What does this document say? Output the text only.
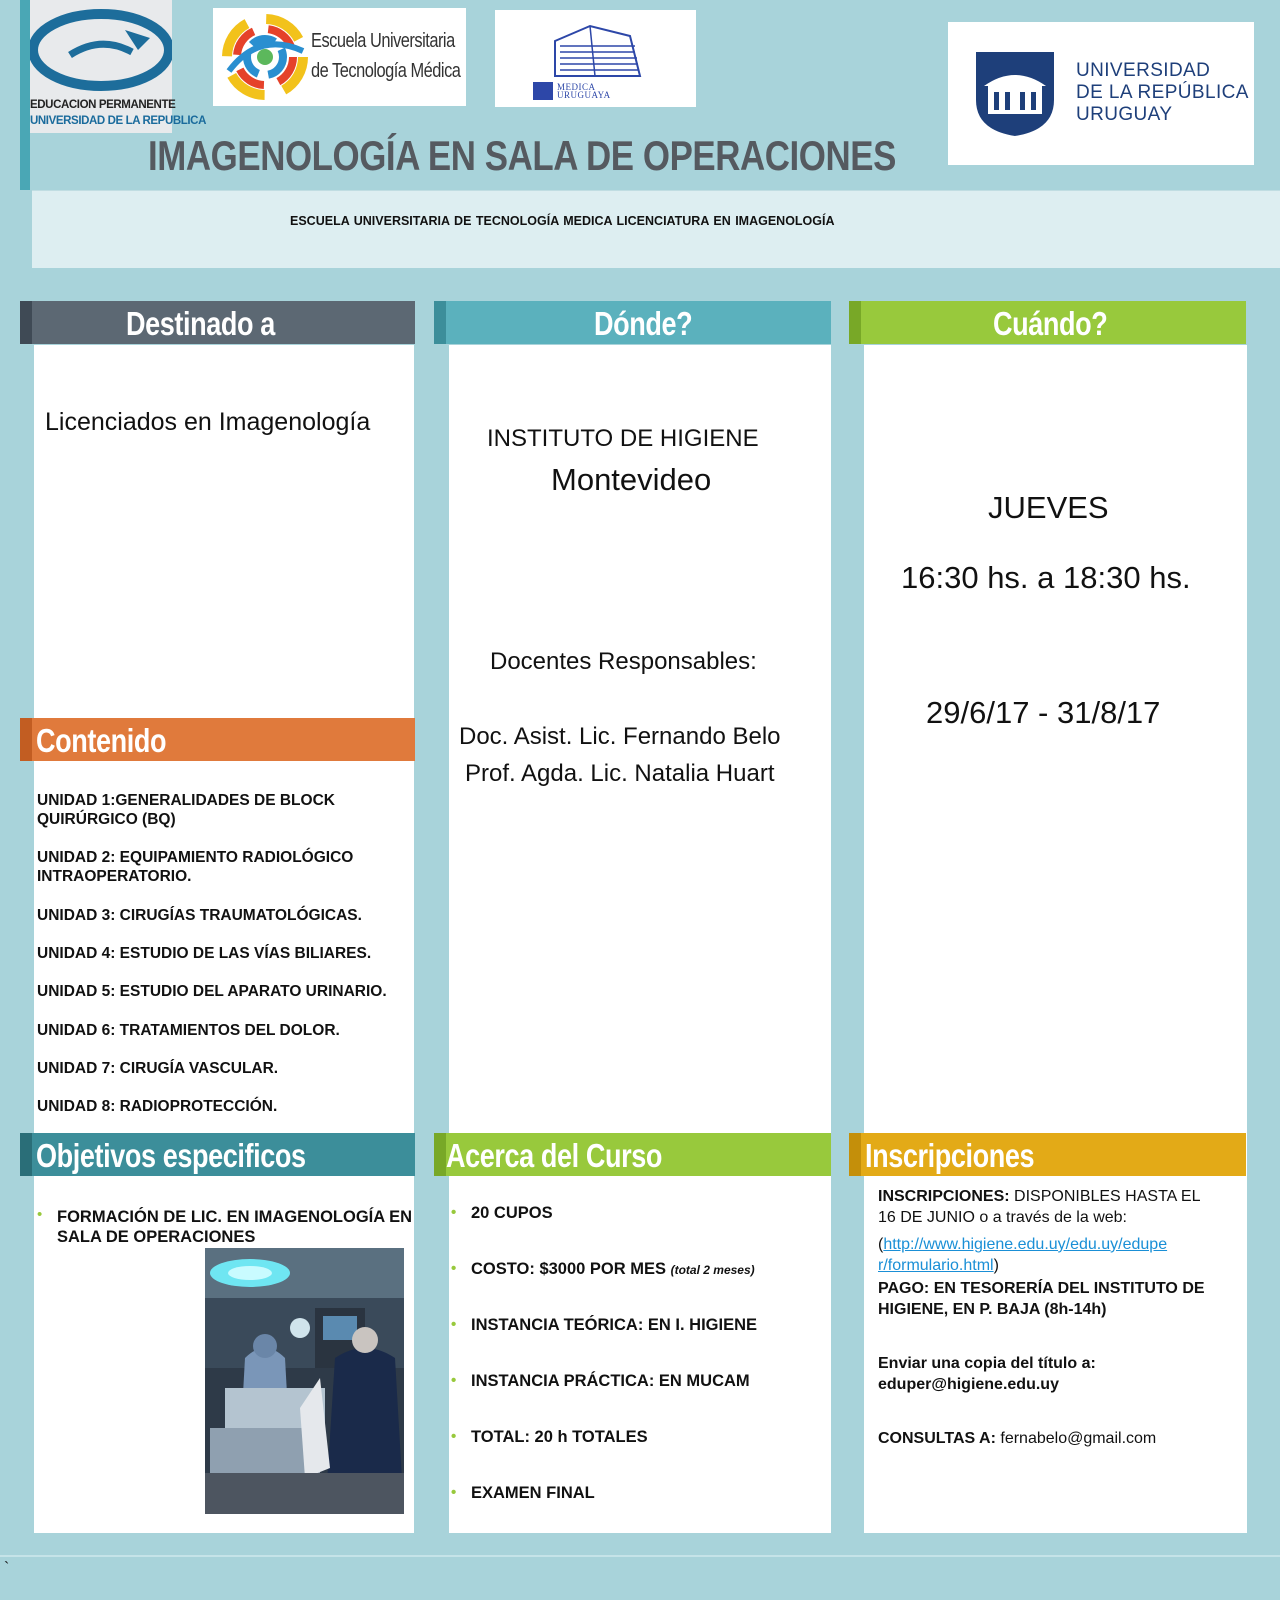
EDUCACION PERMANENTE
UNIVERSIDAD DE LA REPUBLICA
Escuela Universitaria
de Tecnología Médica
MEDICA
URUGUAYA
UNIVERSIDAD
DE LA REPÚBLICA
URUGUAY
IMAGENOLOGÍA EN SALA DE OPERACIONES
ESCUELA UNIVERSITARIA DE TECNOLOGÍA MEDICA LICENCIATURA EN IMAGENOLOGÍA
Destinado a
Licenciados en Imagenología
Dónde?
INSTITUTO DE HIGIENE
Montevideo
Docentes Responsables:
Doc. Asist. Lic. Fernando Belo
Prof. Agda. Lic. Natalia Huart
Cuándo?
JUEVES
16:30 hs. a 18:30 hs.
29/6/17 - 31/8/17
Contenido
UNIDAD 1:GENERALIDADES DE BLOCK QUIRÚRGICO (BQ)
UNIDAD 2: EQUIPAMIENTO RADIOLÓGICO INTRAOPERATORIO.
UNIDAD 3: CIRUGÍAS TRAUMATOLÓGICAS.
UNIDAD 4: ESTUDIO DE LAS VÍAS BILIARES.
UNIDAD 5: ESTUDIO DEL APARATO URINARIO.
UNIDAD 6: TRATAMIENTOS DEL DOLOR.
UNIDAD 7: CIRUGÍA VASCULAR.
UNIDAD 8: RADIOPROTECCIÓN.
Objetivos especificos
• FORMACIÓN DE LIC. EN IMAGENOLOGÍA EN SALA DE OPERACIONES
Acerca del Curso
• 20 CUPOS
• COSTO: $3000 POR MES (total 2 meses)
• INSTANCIA TEÓRICA: EN I. HIGIENE
• INSTANCIA PRÁCTICA: EN MUCAM
• TOTAL: 20 h TOTALES
• EXAMEN FINAL
Inscripciones
INSCRIPCIONES: DISPONIBLES HASTA EL 16 DE JUNIO o a través de la web:
(http://www.higiene.edu.uy/edu.uy/eduper/formulario.html)
PAGO: EN TESORERÍA DEL INSTITUTO DE HIGIENE, EN P. BAJA (8h-14h)
Enviar una copia del título a:
eduper@higiene.edu.uy
CONSULTAS A: fernabelo@gmail.com
`
